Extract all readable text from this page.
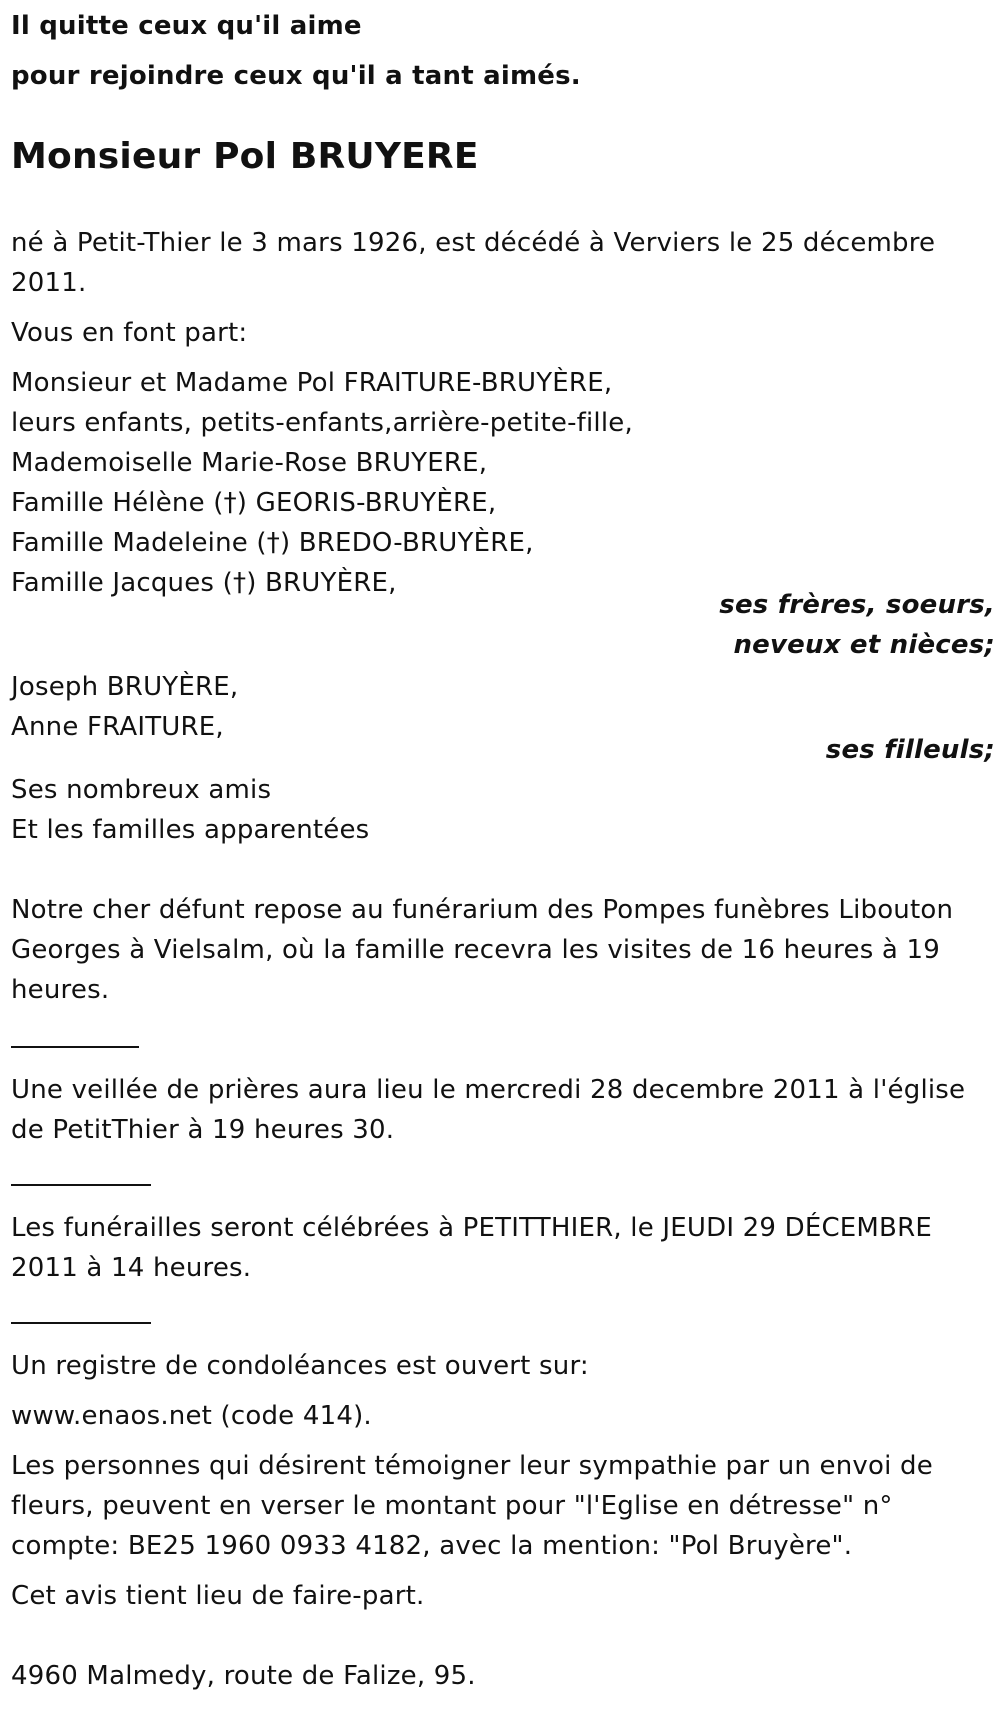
Il quitte ceux qu'il aime
pour rejoindre ceux qu'il a tant aimés.
Monsieur Pol BRUYERE
né à Petit-Thier le 3 mars 1926, est décédé à Verviers le 25 décembre
2011.
Vous en font part:
Monsieur et Madame Pol FRAITURE-BRUYÈRE,
leurs enfants, petits-enfants,arrière-petite-fille,
Mademoiselle Marie-Rose BRUYERE,
Famille Hélène (†) GEORIS-BRUYÈRE,
Famille Madeleine (†) BREDO-BRUYÈRE,
Famille Jacques (†) BRUYÈRE,
ses frères, soeurs,
neveux et nièces;
Joseph BRUYÈRE,
Anne FRAITURE,
ses filleuls;
Ses nombreux amis
Et les familles apparentées
Notre cher défunt repose au funérarium des Pompes funèbres Libouton
Georges à Vielsalm, où la famille recevra les visites de 16 heures à 19
heures.
Une veillée de prières aura lieu le mercredi 28 decembre 2011 à l'église
de PetitThier à 19 heures 30.
Les funérailles seront célébrées à PETITTHIER, le JEUDI 29 DÉCEMBRE
2011 à 14 heures.
Un registre de condoléances est ouvert sur:
www.enaos.net (code 414).
Les personnes qui désirent témoigner leur sympathie par un envoi de
fleurs, peuvent en verser le montant pour "l'Eglise en détresse" n°
compte: BE25 1960 0933 4182, avec la mention: "Pol Bruyère".
Cet avis tient lieu de faire-part.
4960 Malmedy, route de Falize, 95.
